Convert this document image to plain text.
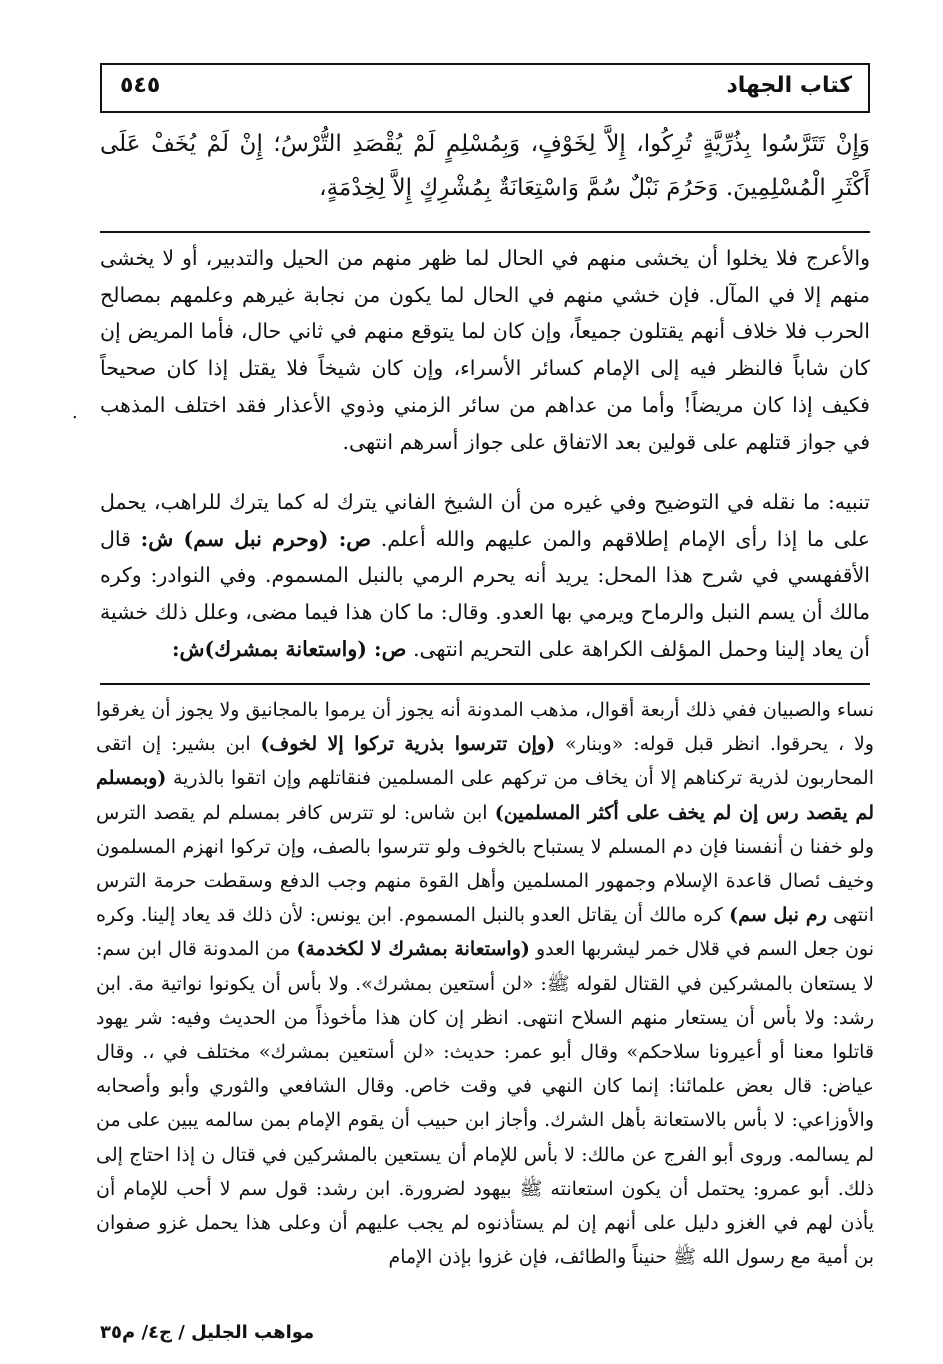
كتاب الجهاد
٥٤٥
وَإِنْ تَتَرَّسُوا بِذُرِّيَّةٍ تُرِكُوا، إِلاَّ لِخَوْفٍ، وَبِمُسْلِمٍ لَمْ يُقْصَدِ التُّرْسُ؛ إِنْ لَمْ يُخَفْ عَلَى أَكْثَرِ الْمُسْلِمِينَ. وَحَرُمَ نَبْلٌ سُمَّ وَاسْتِعَانَةٌ بِمُشْرِكٍ إِلاَّ لِخِدْمَةٍ،
والأعرج فلا يخلوا أن يخشى منهم في الحال لما ظهر منهم من الحيل والتدبير، أو لا يخشى منهم إلا في المآل. فإن خشي منهم في الحال لما يكون من نجابة غيرهم وعلمهم بمصالح الحرب فلا خلاف أنهم يقتلون جميعاً، وإن كان لما يتوقع منهم في ثاني حال، فأما المريض إن كان شاباً فالنظر فيه إلى الإمام كسائر الأسراء، وإن كان شيخاً فلا يقتل إذا كان صحيحاً فكيف إذا كان مريضاً! وأما من عداهم من سائر الزمني وذوي الأعذار فقد اختلف المذهب في جواز قتلهم على قولين بعد الاتفاق على جواز أسرهم انتهى.
.
تنبيه: ما نقله في التوضيح وفي غيره من أن الشيخ الفاني يترك له كما يترك للراهب، يحمل على ما إذا رأى الإمام إطلاقهم والمن عليهم والله أعلم. ص: (وحرم نبل سم) ش: قال الأقفهسي في شرح هذا المحل: يريد أنه يحرم الرمي بالنبل المسموم. وفي النوادر: وكره مالك أن يسم النبل والرماح ويرمي بها العدو. وقال: ما كان هذا فيما مضى، وعلل ذلك خشية أن يعاد إلينا وحمل المؤلف الكراهة على التحريم انتهى. ص: (واستعانة بمشرك)ش:
نساء والصبيان ففي ذلك أربعة أقوال، مذهب المدونة أنه يجوز أن يرموا بالمجانيق ولا يجوز أن يغرقوا ولا ، يحرقوا. انظر قبل قوله: «وبنار» (وإن تترسوا بذرية تركوا إلا لخوف) ابن بشير: إن اتقى المحاربون لذرية تركناهم إلا أن يخاف من تركهم على المسلمين فنقاتلهم وإن اتقوا بالذرية (وبمسلم لم يقصد رس إن لم يخف على أكثر المسلمين) ابن شاس: لو تترس كافر بمسلم لم يقصد الترس ولو خفنا ن أنفسنا فإن دم المسلم لا يستباح بالخوف ولو تترسوا بالصف، وإن تركوا انهزم المسلمون وخيف ئصال قاعدة الإسلام وجمهور المسلمين وأهل القوة منهم وجب الدفع وسقطت حرمة الترس انتهى رم نبل سم) كره مالك أن يقاتل العدو بالنبل المسموم. ابن يونس: لأن ذلك قد يعاد إلينا. وكره نون جعل السم في قلال خمر ليشربها العدو (واستعانة بمشرك لا لكخدمة) من المدونة قال ابن سم: لا يستعان بالمشركين في القتال لقوله ﷺ: «لن أستعين بمشرك». ولا بأس أن يكونوا نواتية مة. ابن رشد: ولا بأس أن يستعار منهم السلاح انتهى. انظر إن كان هذا مأخوذاً من الحديث وفيه: شر يهود قاتلوا معنا أو أعيرونا سلاحكم» وقال أبو عمر: حديث: «لن أستعين بمشرك» مختلف في ،. وقال عياض: قال بعض علمائنا: إنما كان النهي في وقت خاص. وقال الشافعي والثوري وأبو وأصحابه والأوزاعي: لا بأس بالاستعانة بأهل الشرك. وأجاز ابن حبيب أن يقوم الإمام بمن سالمه يبين على من لم يسالمه. وروى أبو الفرج عن مالك: لا بأس للإمام أن يستعين بالمشركين في قتال ن إذا احتاج إلى ذلك. أبو عمرو: يحتمل أن يكون استعانته ﷺ بيهود لضرورة. ابن رشد: قول سم لا أحب للإمام أن يأذن لهم في الغزو دليل على أنهم إن لم يستأذنوه لم يجب عليهم أن وعلى هذا يحمل غزو صفوان بن أمية مع رسول الله ﷺ حنيناً والطائف، فإن غزوا بإذن الإمام
مواهب الجليل / ج٤/ م٣٥
